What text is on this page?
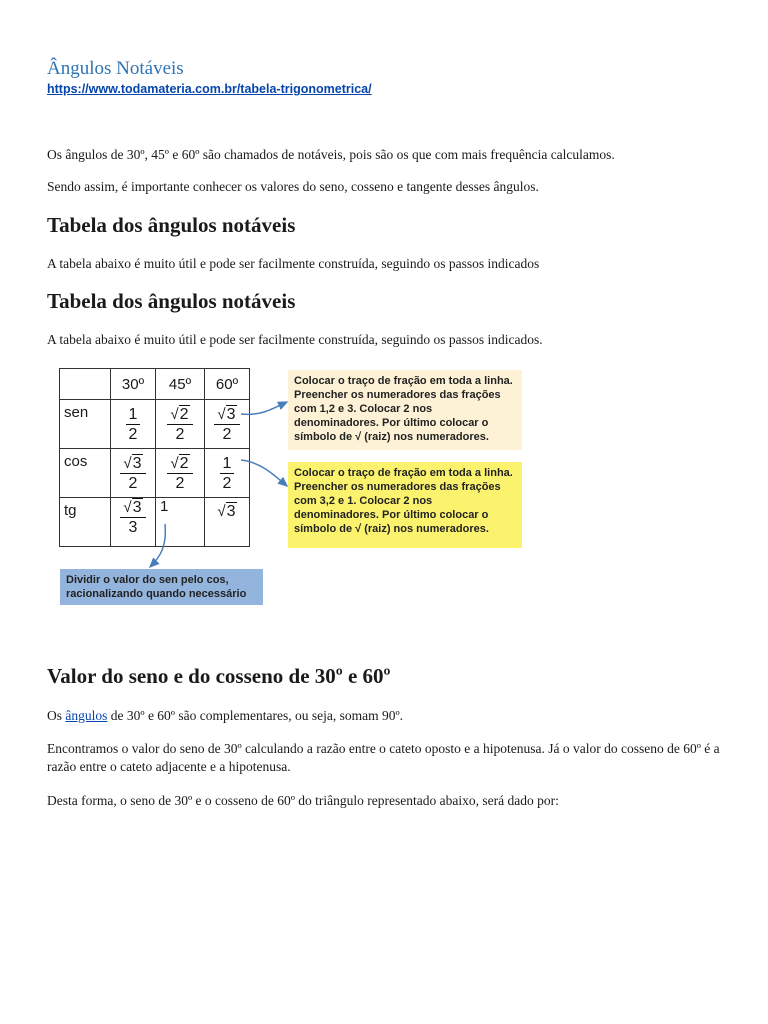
Ângulos Notáveis
https://www.todamateria.com.br/tabela-trigonometrica/
Os ângulos de 30º, 45º e 60º são chamados de notáveis, pois são os que com mais frequência calculamos.
Sendo assim, é importante conhecer os valores do seno, cosseno e tangente desses ângulos.
Tabela dos ângulos notáveis
A tabela abaixo é muito útil e pode ser facilmente construída, seguindo os passos indicados
Tabela dos ângulos notáveis
A tabela abaixo é muito útil e pode ser facilmente construída, seguindo os passos indicados.
	30º	45º	60º
sen	$\frac{1}{2}$	$\frac{√2}{2}$	$\frac{√3}{2}$

cos	$\frac{√3}{2}$	$\frac{√2}{2}$	$\frac{1}{2}$

tg	$\frac{√3}{3}$	1	√3
Colocar o traço de fração em toda a linha. Preencher os numeradores das frações com 1,2 e 3. Colocar 2 nos denominadores. Por último colocar o símbolo de √ (raiz) nos numeradores.
Colocar o traço de fração em toda a linha. Preencher os numeradores das frações com 3,2 e 1. Colocar 2 nos denominadores. Por último colocar o símbolo de √ (raiz) nos numeradores.
Dividir o valor do sen pelo cos, racionalizando quando necessário
Valor do seno e do cosseno de 30º e 60º
Os ângulos de 30º e 60º são complementares, ou seja, somam 90º.
Encontramos o valor do seno de 30º calculando a razão entre o cateto oposto e a hipotenusa. Já o valor do cosseno de 60º é a razão entre o cateto adjacente e a hipotenusa.
Desta forma, o seno de 30º e o cosseno de 60º do triângulo representado abaixo, será dado por:
